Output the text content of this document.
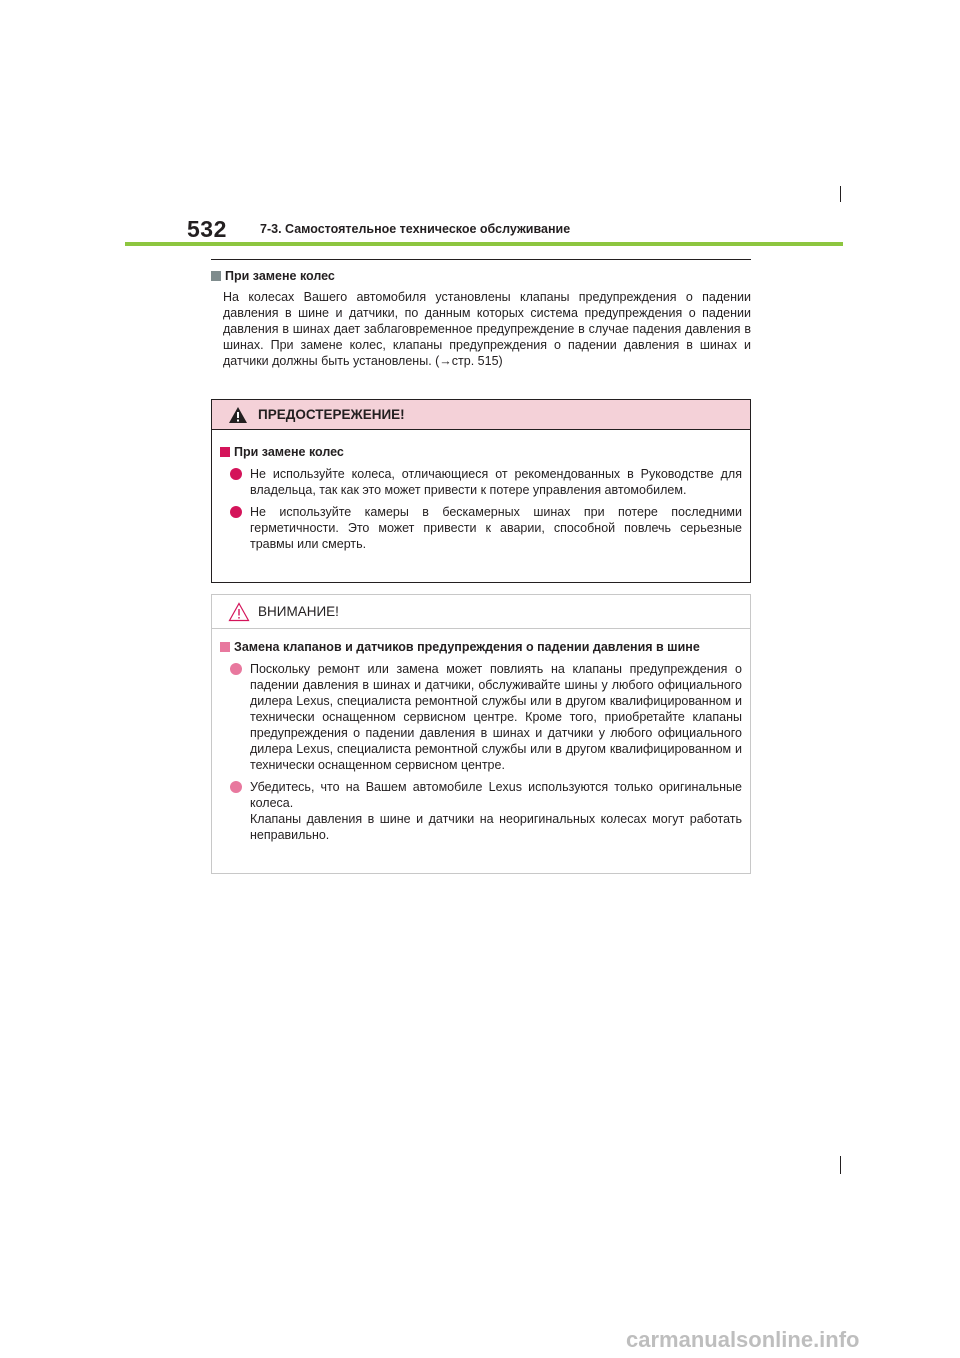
532	7-3. Самостоятельное техническое обслуживание
При замене колес
На колесах Вашего автомобиля установлены клапаны предупреждения о падении давления в шине и датчики, по данным которых система предупреждения о падении давления в шинах дает заблаговременное предупреждение в случае падения давления в шинах. При замене колес, клапаны предупреждения о падении давления в шинах и датчики должны быть установлены. (→стр. 515)
ПРЕДОСТЕРЕЖЕНИЕ!
При замене колес
Не используйте колеса, отличающиеся от рекомендованных в Руководстве для владельца, так как это может привести к потере управления автомобилем.
Не используйте камеры в бескамерных шинах при потере последними герметичности. Это может привести к аварии, способной повлечь серьезные травмы или смерть.
ВНИМАНИЕ!
Замена клапанов и датчиков предупреждения о падении давления в шине
Поскольку ремонт или замена может повлиять на клапаны предупреждения о падении давления в шинах и датчики, обслуживайте шины у любого официального дилера Lexus, специалиста ремонтной службы или в другом квалифицированном и технически оснащенном сервисном центре. Кроме того, приобретайте клапаны предупреждения о падении давления в шинах и датчики у любого официального дилера Lexus, специалиста ремонтной службы или в другом квалифицированном и технически оснащенном сервисном центре.
Убедитесь, что на Вашем автомобиле Lexus используются только оригинальные колеса.
Клапаны давления в шине и датчики на неоригинальных колесах могут работать неправильно.
carmanualsonline.info
